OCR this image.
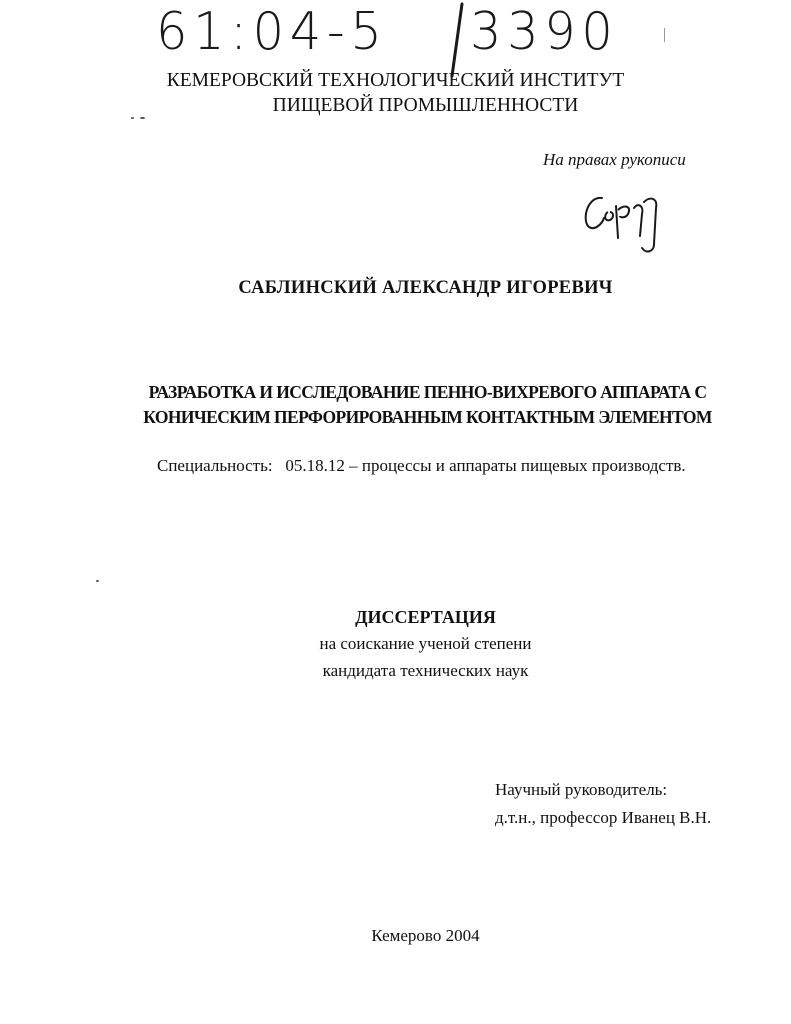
61:04-5 3390
КЕМЕРОВСКИЙ ТЕХНОЛОГИЧЕСКИЙ ИНСТИТУТ
ПИЩЕВОЙ ПРОМЫШЛЕННОСТИ
На правах рукописи
САБЛИНСКИЙ АЛЕКСАНДР ИГОРЕВИЧ
РАЗРАБОТКА И ИССЛЕДОВАНИЕ ПЕННО-ВИХРЕВОГО АППАРАТА С
КОНИЧЕСКИМ ПЕРФОРИРОВАННЫМ КОНТАКТНЫМ ЭЛЕМЕНТОМ
Специальность: 05.18.12 – процессы и аппараты пищевых производств.
ДИССЕРТАЦИЯ
на соискание ученой степени
кандидата технических наук
Научный руководитель:
д.т.н., профессор Иванец В.Н.
Кемерово 2004
